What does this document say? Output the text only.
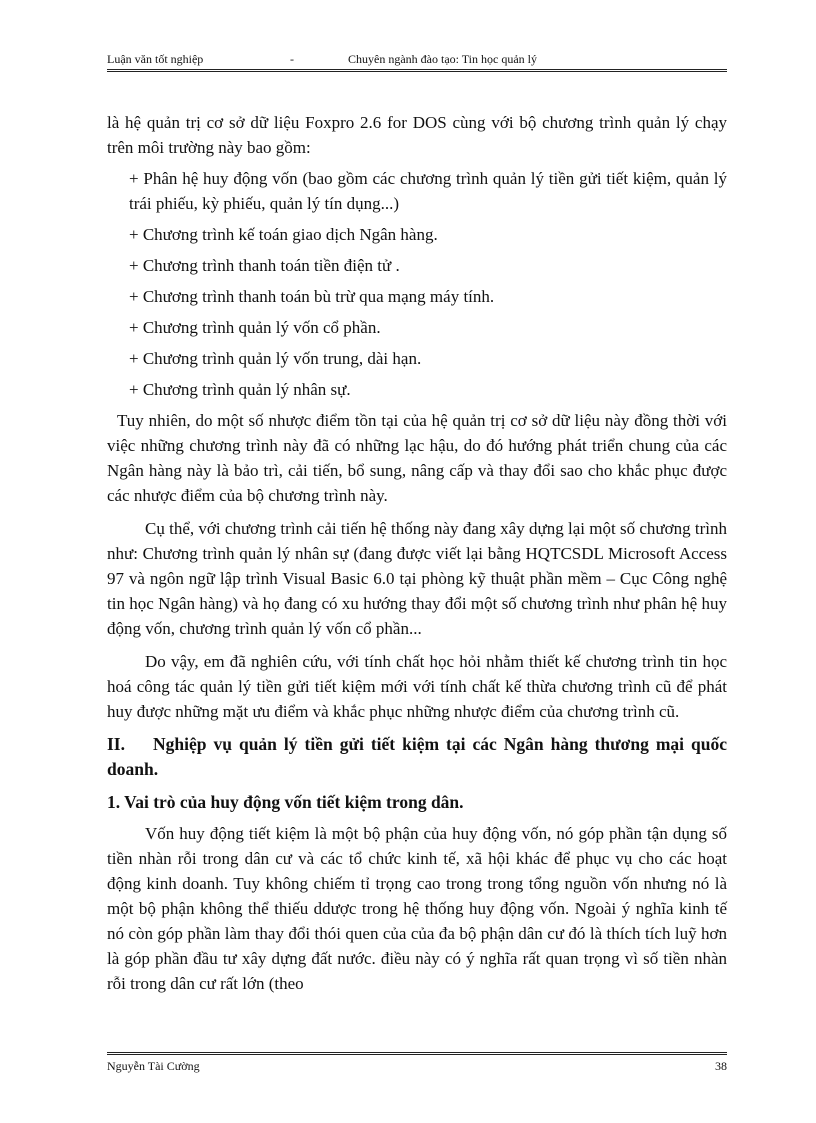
Luận văn tốt nghiệp	-	Chuyên ngành đào tạo: Tin học quản lý

là hệ quản trị cơ sở dữ liệu Foxpro 2.6 for DOS cùng với bộ chương trình quản lý chạy trên môi trường này bao gồm:

+ Phân hệ huy động vốn (bao gồm các chương trình quản lý tiền gửi tiết kiệm, quản lý trái phiếu, kỳ phiếu, quản lý tín dụng...)

+ Chương trình kế toán giao dịch Ngân hàng.

+ Chương trình thanh toán tiền điện tử .

+ Chương trình thanh toán bù trừ qua mạng máy tính.

+ Chương trình quản lý vốn cổ phần.

+ Chương trình quản lý vốn trung, dài hạn.

+ Chương trình quản lý nhân sự.

Tuy nhiên, do một số nhược điểm tồn tại của hệ quản trị cơ sở dữ liệu này đồng thời với việc những chương trình này đã có những lạc hậu, do đó hướng phát triển chung của các Ngân hàng này là bảo trì, cải tiến, bổ sung, nâng cấp và thay đổi sao cho khắc phục được các nhược điểm của bộ chương trình này.

Cụ thể, với chương trình cải tiến hệ thống này đang xây dựng lại một số chương trình như: Chương trình quản lý nhân sự (đang được viết lại bằng HQTCSDL Microsoft Access 97 và ngôn ngữ lập trình Visual Basic 6.0 tại phòng kỹ thuật phần mềm – Cục Công nghệ tin học Ngân hàng) và họ đang có xu hướng thay đổi một số chương trình như phân hệ huy động vốn, chương trình quản lý vốn cổ phần...

Do vậy, em đã nghiên cứu, với tính chất học hỏi nhằm thiết kế chương trình tin học hoá công tác quản lý tiền gửi tiết kiệm mới với tính chất kế thừa chương trình cũ để phát huy được những mặt ưu điểm và khắc phục những nhược điểm của chương trình cũ.

II. Nghiệp vụ quản lý tiền gửi tiết kiệm tại các Ngân hàng thương mại quốc doanh.

1. Vai trò của huy động vốn tiết kiệm trong dân.

Vốn huy động tiết kiệm là một bộ phận của huy động vốn, nó góp phần tận dụng số tiền nhàn rỗi trong dân cư và các tổ chức kinh tế, xã hội khác để phục vụ cho các hoạt động kinh doanh. Tuy không chiếm tỉ trọng cao trong trong tổng nguồn vốn nhưng nó là một bộ phận không thể thiếu ddược trong hệ thống huy động vốn. Ngoài ý nghĩa kinh tế nó còn góp phần làm thay đổi thói quen của của đa bộ phận dân cư đó là thích tích luỹ hơn là góp phần đầu tư xây dựng đất nước. điều này có ý nghĩa rất quan trọng vì số tiền nhàn rỗi trong dân cư rất lớn (theo

Nguyễn Tài Cường	38
